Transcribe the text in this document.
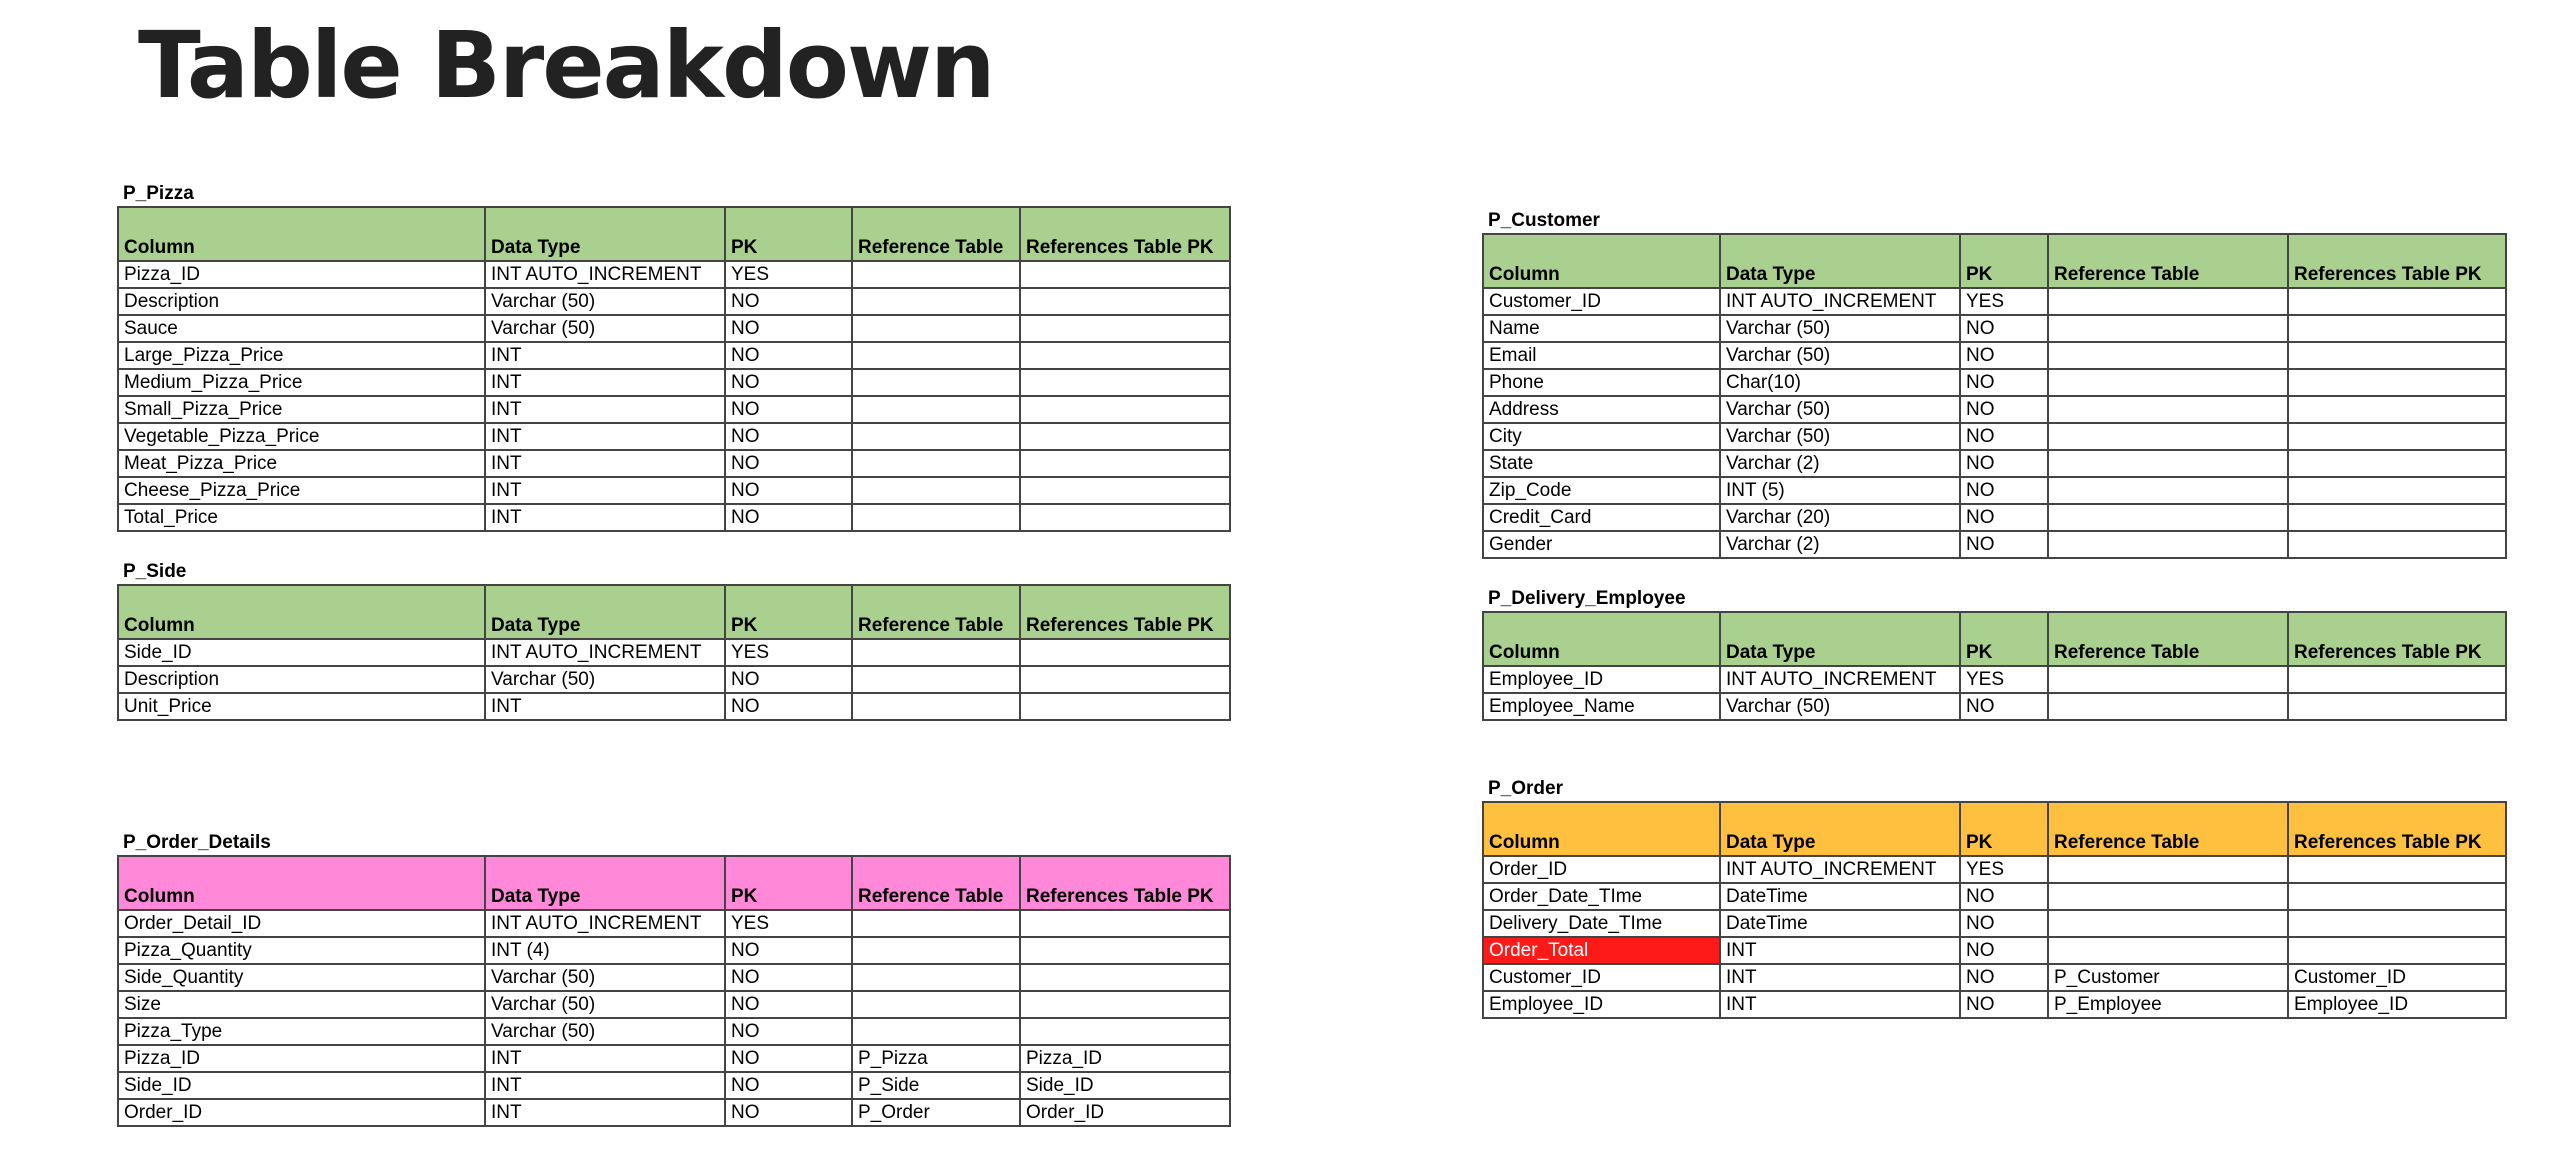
Table Breakdown
P_Pizza
Column	Data Type	PK	Reference Table	References Table PK
Pizza_ID	INT AUTO_INCREMENT	YES		
Description	Varchar (50)	NO		
Sauce	Varchar (50)	NO		
Large_Pizza_Price	INT	NO		
Medium_Pizza_Price	INT	NO		
Small_Pizza_Price	INT	NO		
Vegetable_Pizza_Price	INT	NO		
Meat_Pizza_Price	INT	NO		
Cheese_Pizza_Price	INT	NO		
Total_Price	INT	NO		
P_Side
Column	Data Type	PK	Reference Table	References Table PK
Side_ID	INT AUTO_INCREMENT	YES		
Description	Varchar (50)	NO		
Unit_Price	INT	NO		
P_Order_Details
Column	Data Type	PK	Reference Table	References Table PK
Order_Detail_ID	INT AUTO_INCREMENT	YES		
Pizza_Quantity	INT (4)	NO		
Side_Quantity	Varchar (50)	NO		
Size	Varchar (50)	NO		
Pizza_Type	Varchar (50)	NO		
Pizza_ID	INT	NO	P_Pizza	Pizza_ID
Side_ID	INT	NO	P_Side	Side_ID
Order_ID	INT	NO	P_Order	Order_ID
P_Customer
Column	Data Type	PK	Reference Table	References Table PK
Customer_ID	INT AUTO_INCREMENT	YES		
Name	Varchar (50)	NO		
Email	Varchar (50)	NO		
Phone	Char(10)	NO		
Address	Varchar (50)	NO		
City	Varchar (50)	NO		
State	Varchar (2)	NO		
Zip_Code	INT (5)	NO		
Credit_Card	Varchar (20)	NO		
Gender	Varchar (2)	NO		
P_Delivery_Employee
Column	Data Type	PK	Reference Table	References Table PK
Employee_ID	INT AUTO_INCREMENT	YES		
Employee_Name	Varchar (50)	NO		
P_Order
Column	Data Type	PK	Reference Table	References Table PK
Order_ID	INT AUTO_INCREMENT	YES		
Order_Date_TIme	DateTime	NO		
Delivery_Date_TIme	DateTime	NO		
Order_Total	INT	NO		
Customer_ID	INT	NO	P_Customer	Customer_ID
Employee_ID	INT	NO	P_Employee	Employee_ID
